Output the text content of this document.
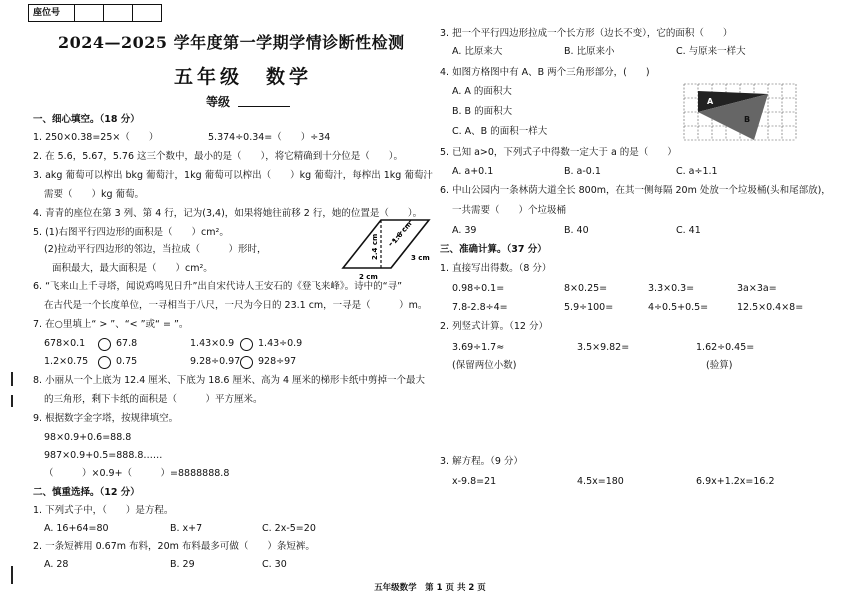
座位号
2024—2025 学年度第一学期学情诊断性检测
五年级　数学
等级
一、细心填空。（18 分）
1. 250×0.38=25×（　　）	5.374÷0.34=（　　）÷34
2. 在 5.6，5.67，5.76 这三个数中，最小的是（　　），将它精确到十分位是（　　）。
3. akg 葡萄可以榨出 bkg 葡萄汁，1kg 葡萄可以榨出（　　）kg 葡萄汁，每榨出 1kg 葡萄汁
需要（　　）kg 葡萄。
4. 青青的座位在第 3 列、第 4 行，记为(3,4)，如果将她往前移 2 行，她的位置是（　　）。
5. (1)右图平行四边形的面积是（　　）cm²。
(2)拉动平行四边形的邻边，当拉成（　　　）形时，
面积最大，最大面积是（　　）cm²。
1.6 cm
2.4 cm	3 cm
2 cm
6. “飞来山上千寻塔，闻说鸡鸣见日升”出自宋代诗人王安石的《登飞来峰》。诗中的“寻”
在古代是一个长度单位，一寻相当于八尺，一尺为今日的 23.1 cm，一寻是（　　　）m。
7. 在○里填上“ > ”、“< ”或“ = ”。
678×0.1	67.8	1.43×0.9	1.43÷0.9
1.2×0.75	0.75	9.28÷0.97 928÷97
8. 小丽从一个上底为 12.4 厘米、下底为 18.6 厘米、高为 4 厘米的梯形卡纸中剪掉一个最大
的三角形，剩下卡纸的面积是（　　　）平方厘米。
9. 根据数字金字塔，按规律填空。
98×0.9+0.6=88.8
987×0.9+0.5=888.8……
（　　　）×0.9+（　　　）=8888888.8
二、慎重选择。（12 分）
1. 下列式子中，（　　）是方程。
A. 16+64=80	B. x+7	C. 2x-5=20
2. 一条短裤用 0.67m 布料，20m 布料最多可做（　　）条短裤。
A. 28	B. 29	C. 30
3. 把一个平行四边形拉成一个长方形（边长不变），它的面积（　　）
A. 比原来大	B. 比原来小	C. 与原来一样大
4. 如图方格图中有 A、B 两个三角形部分，(　　)
A. A 的面积大
B. B 的面积大
C. A、B 的面积一样大
A
B
5. 已知 a>0，下列式子中得数一定大于 a 的是（　　）
A. a+0.1	B. a-0.1	C. a÷1.1
6. 中山公园内一条林荫大道全长 800m，在其一侧每隔 20m 处放一个垃圾桶(头和尾部放)，
一共需要（　　）个垃圾桶
A. 39	B. 40	C. 41
三、准确计算。（37 分）
1. 直接写出得数。（8 分）
0.98÷0.1=	8×0.25=	3.3×0.3=	3a×3a=
7.8-2.8÷4=	5.9÷100=	4÷0.5+0.5=	12.5×0.4×8=
2. 列竖式计算。（12 分）
3.69÷1.7≈	3.5×9.82=	1.62÷0.45=
(保留两位小数)	(验算)
3. 解方程。（9 分）
x-9.8=21	4.5x=180	6.9x+1.2x=16.2
五年级数学　第 1 页 共 2 页
